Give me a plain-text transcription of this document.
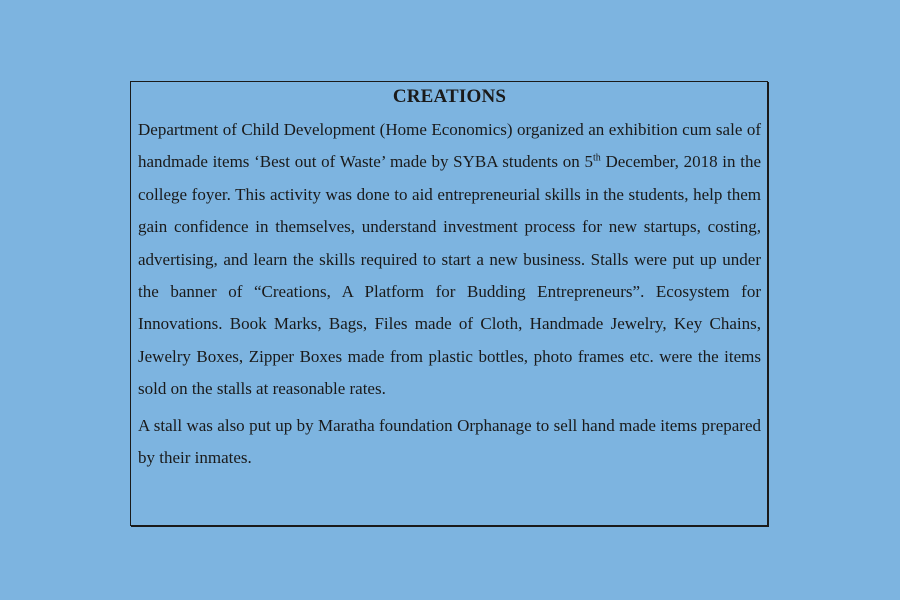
CREATIONS

Department of Child Development (Home Economics) organized an exhibition cum sale of handmade items ‘Best out of Waste’ made by SYBA students on 5th December, 2018 in the college foyer. This activity was done to aid entrepreneurial skills in the students, help them gain confidence in themselves, understand investment process for new startups, costing, advertising, and learn the skills required to start a new business. Stalls were put up under the banner of “Creations, A Platform for Budding Entrepreneurs”. Ecosystem for Innovations. Book Marks, Bags, Files made of Cloth, Handmade Jewelry, Key Chains, Jewelry Boxes, Zipper Boxes made from plastic bottles, photo frames etc. were the items sold on the stalls at reasonable rates.

A stall was also put up by Maratha foundation Orphanage to sell hand made items prepared by their inmates.
